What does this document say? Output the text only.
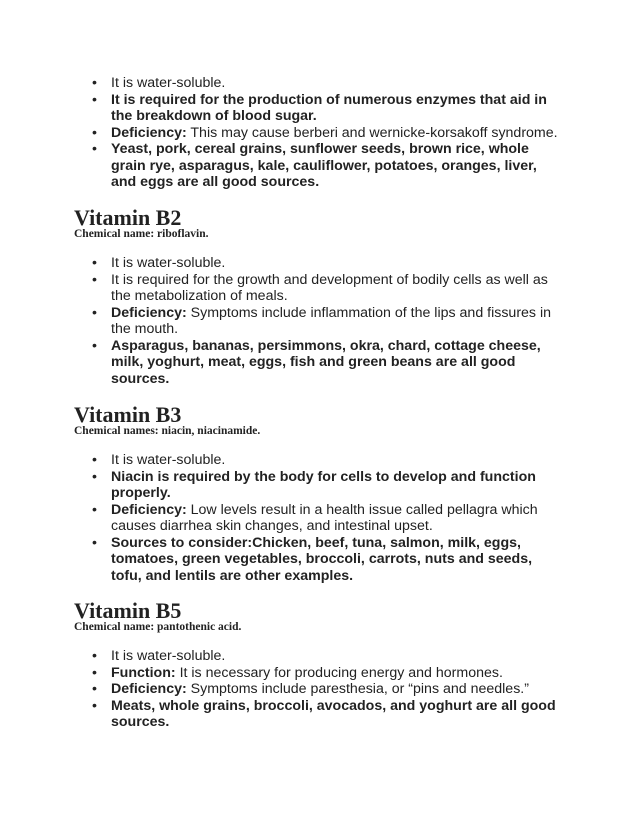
• It is water-soluble.
• It is required for the production of numerous enzymes that aid in the breakdown of blood sugar.
• Deficiency: This may cause berberi and wernicke-korsakoff syndrome.
• Yeast, pork, cereal grains, sunflower seeds, brown rice, whole grain rye, asparagus, kale, cauliflower, potatoes, oranges, liver, and eggs are all good sources.
Vitamin B2

Chemical name: riboflavin.

• It is water-soluble.
• It is required for the growth and development of bodily cells as well as the metabolization of meals.
• Deficiency: Symptoms include inflammation of the lips and fissures in the mouth.
• Asparagus, bananas, persimmons, okra, chard, cottage cheese, milk, yoghurt, meat, eggs, fish and green beans are all good sources.
Vitamin B3

Chemical names: niacin, niacinamide.

• It is water-soluble.
• Niacin is required by the body for cells to develop and function properly.
• Deficiency: Low levels result in a health issue called pellagra which causes diarrhea skin changes, and intestinal upset.
• Sources to consider:Chicken, beef, tuna, salmon, milk, eggs, tomatoes, green vegetables, broccoli, carrots, nuts and seeds, tofu, and lentils are other examples.
Vitamin B5

Chemical name: pantothenic acid.

• It is water-soluble.
• Function: It is necessary for producing energy and hormones.
• Deficiency: Symptoms include paresthesia, or “pins and needles.”
• Meats, whole grains, broccoli, avocados, and yoghurt are all good sources.
